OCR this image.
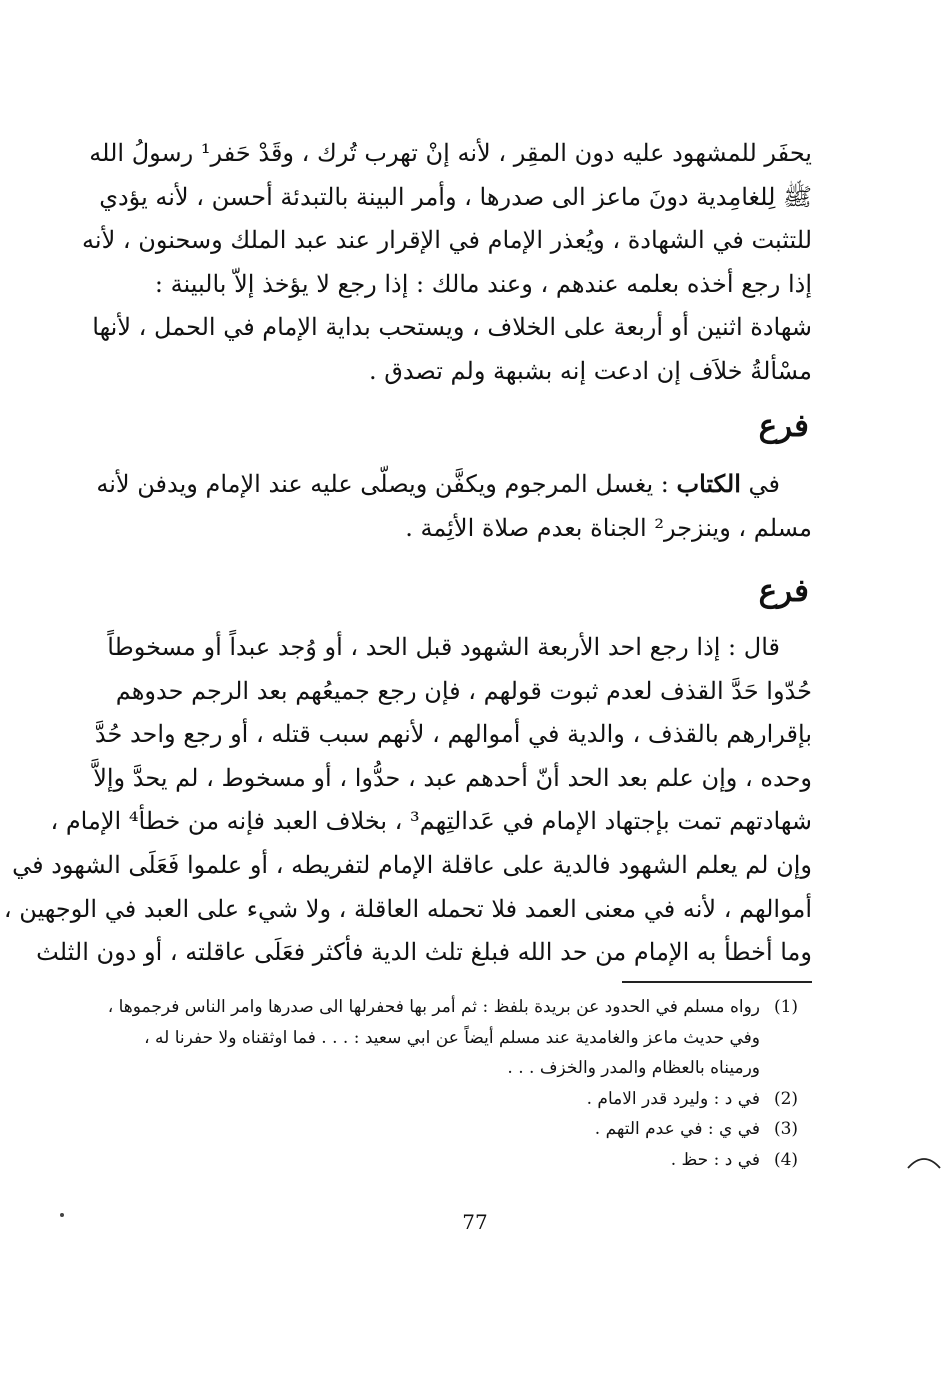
يحفَر للمشهود عليه دون المقِر ، لأنه إنْ تهرب تُرك ، وقَدْ حَفر¹ رسولُ الله
ﷺ لِلغامِدية دونَ ماعز الى صدرها ، وأمر البينة بالتبدئة أحسن ، لأنه يؤدي
للتثبت في الشهادة ، ويُعذر الإمام في الإقرار عند عبد الملك وسحنون ، لأنه
إذا رجع أخذه بعلمه عندهم ، وعند مالك : إذا رجع لا يؤخذ إلاّ بالبينة :
شهادة اثنين أو أربعة على الخلاف ، ويستحب بداية الإمام في الحمل ، لأنها
مسْألةُ خلاَف إن ادعت إنه بشبهة ولم تصدق .
فرع
في الكتاب : يغسل المرجوم ويكفَّن ويصلّى عليه عند الإمام ويدفن لأنه
مسلم ، وينزجر² الجناة بعدم صلاة الأئِمة .
فرع
قال : إذا رجع احد الأربعة الشهود قبل الحد ، أو وُجد عبداً أو مسخوطاً
حُدّوا حَدَّ القذف لعدم ثبوت قولهم ، فإن رجع جميعُهم بعد الرجم حدوهم
بإقرارهم بالقذف ، والدية في أموالهم ، لأنهم سبب قتله ، أو رجع واحد حُدَّ
وحده ، وإن علم بعد الحد أنّ أحدهم عبد ، حدُّوا ، أو مسخوط ، لم يحدَّ وإلاَّ
شهادتهم تمت بإجتهاد الإمام في عَدالتِهم³ ، بخلاف العبد فإنه من خطأ⁴ الإمام ،
وإن لم يعلم الشهود فالدية على عاقلة الإمام لتفريطه ، أو علموا فَعَلَى الشهود في
أموالهم ، لأنه في معنى العمد فلا تحمله العاقلة ، ولا شيء على العبد في الوجهين ،
وما أخطأ به الإمام من حد الله فبلغ تلث الدية فأكثر فعَلَى عاقلته ، أو دون الثلث
(1)
رواه مسلم في الحدود عن بريدة بلفظ : ثم أمر بها فحفرلها الى صدرها وامر الناس فرجموها ،
وفي حديث ماعز والغامدية عند مسلم أيضاً عن ابي سعيد : . . . فما اوثقناه ولا حفرنا له ،
ورميناه بالعظام والمدر والخزف . . .
(2)
في د : وليرد قدر الامام .
(3)
في ي : في عدم التهم .
(4)
في د : حظ .
77
